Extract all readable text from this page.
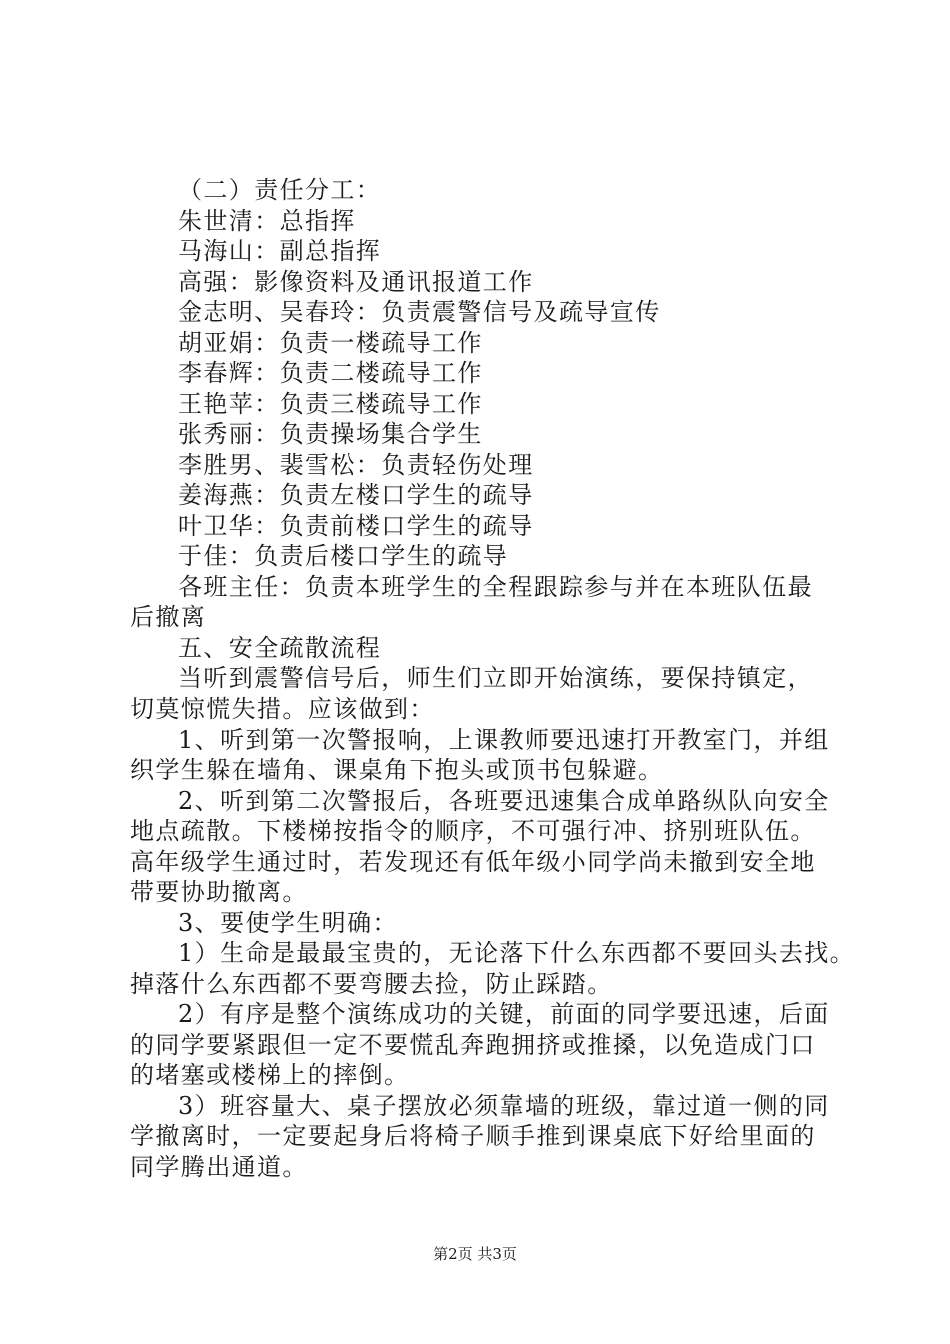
（二）责任分工：
朱世清：总指挥
马海山：副总指挥
高强：影像资料及通讯报道工作
金志明、吴春玲：负责震警信号及疏导宣传
胡亚娟：负责一楼疏导工作
李春辉：负责二楼疏导工作
王艳苹：负责三楼疏导工作
张秀丽：负责操场集合学生
李胜男、裴雪松：负责轻伤处理
姜海燕：负责左楼口学生的疏导
叶卫华：负责前楼口学生的疏导
于佳：负责后楼口学生的疏导
各班主任：负责本班学生的全程跟踪参与并在本班队伍最
后撤离
五、安全疏散流程
当听到震警信号后，师生们立即开始演练，要保持镇定，
切莫惊慌失措。应该做到：
1、听到第一次警报响，上课教师要迅速打开教室门，并组
织学生躲在墙角、课桌角下抱头或顶书包躲避。
2、听到第二次警报后，各班要迅速集合成单路纵队向安全
地点疏散。下楼梯按指令的顺序，不可强行冲、挤别班队伍。
高年级学生通过时，若发现还有低年级小同学尚未撤到安全地
带要协助撤离。
3、要使学生明确：
1）生命是最最宝贵的，无论落下什么东西都不要回头去找。
掉落什么东西都不要弯腰去捡，防止踩踏。
2）有序是整个演练成功的关键，前面的同学要迅速，后面
的同学要紧跟但一定不要慌乱奔跑拥挤或推搡，以免造成门口
的堵塞或楼梯上的摔倒。
3）班容量大、桌子摆放必须靠墙的班级，靠过道一侧的同
学撤离时，一定要起身后将椅子顺手推到课桌底下好给里面的
同学腾出通道。
第2页 共3页
